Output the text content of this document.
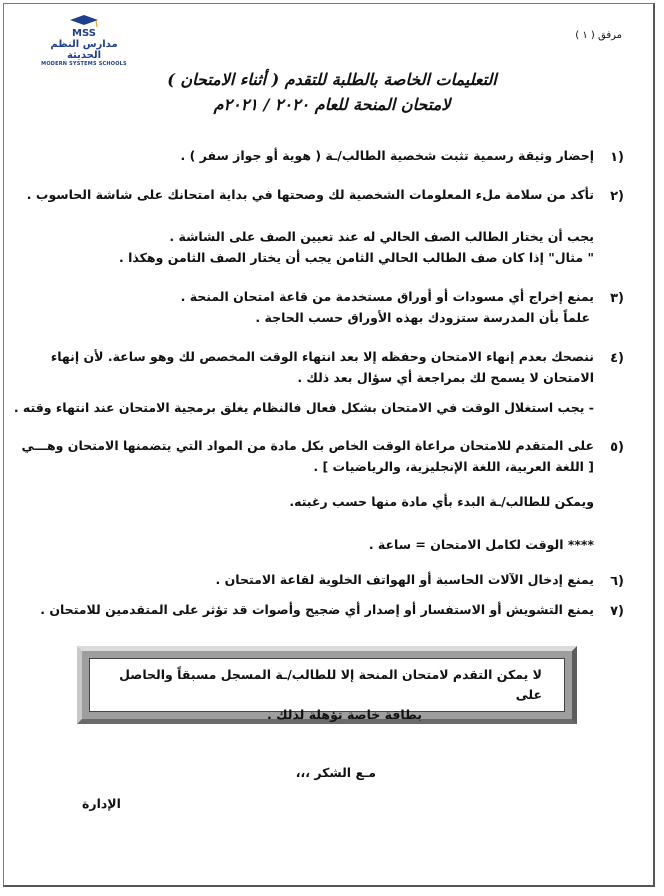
مرفق ( ١ )
MSS
مدارس النظم الحديثة
MODERN SYSTEMS SCHOOLS
التعليمات الخاصة بالطلبة للتقدم ( أثناء الامتحان )
لامتحان المنحة للعام ٢٠٢٠ / ٢٠٢١م
١)
إحضار وثيقة رسمية تثبت شخصية الطالب/ـة ( هوية أو جواز سفر ) .
٢)
تأكد من سلامة ملء المعلومات الشخصية لك وصحتها في بداية امتحانك على شاشة الحاسوب .
يجب أن يختار الطالب الصف الحالي له عند تعيين الصف على الشاشة .
" مثال" إذا كان صف الطالب الحالي الثامن يجب أن يختار الصف الثامن وهكذا .
٣)
يمنع إخراج أي مسودات أو أوراق مستخدمة من قاعة امتحان المنحة .
علماً بأن المدرسة ستزودك بهذه الأوراق حسب الحاجة .
٤)
ننصحك بعدم إنهاء الامتحان وحفظه إلا بعد انتهاء الوقت المخصص لك وهو ساعة. لأن إنهاء
الامتحان لا يسمح لك بمراجعة أي سؤال بعد ذلك .
- يجب استغلال الوقت في الامتحان بشكل فعال فالنظام يغلق برمجية الامتحان عند انتهاء وقته .
٥)
على المتقدم للامتحان مراعاة الوقت الخاص بكل مادة من المواد التي يتضمنها الامتحان وهـــي
[ اللغة العربية، اللغة الإنجليزية، والرياضيات ] .
ويمكن للطالب/ـة البدء بأي مادة منها حسب رغبته.
**** الوقت لكامل الامتحان = ساعة .
٦)
يمنع إدخال الآلات الحاسبة أو الهواتف الخلوية لقاعة الامتحان .
٧)
يمنع التشويش أو الاستفسار أو إصدار أي ضجيج وأصوات قد تؤثر على المتقدمين للامتحان .
لا يمكن التقدم لامتحان المنحة إلا للطالب/ـة المسجل مسبقاً والحاصل على
بطاقة خاصة تؤهلة لذلك .
مـع الشكر ،،،
الإدارة
